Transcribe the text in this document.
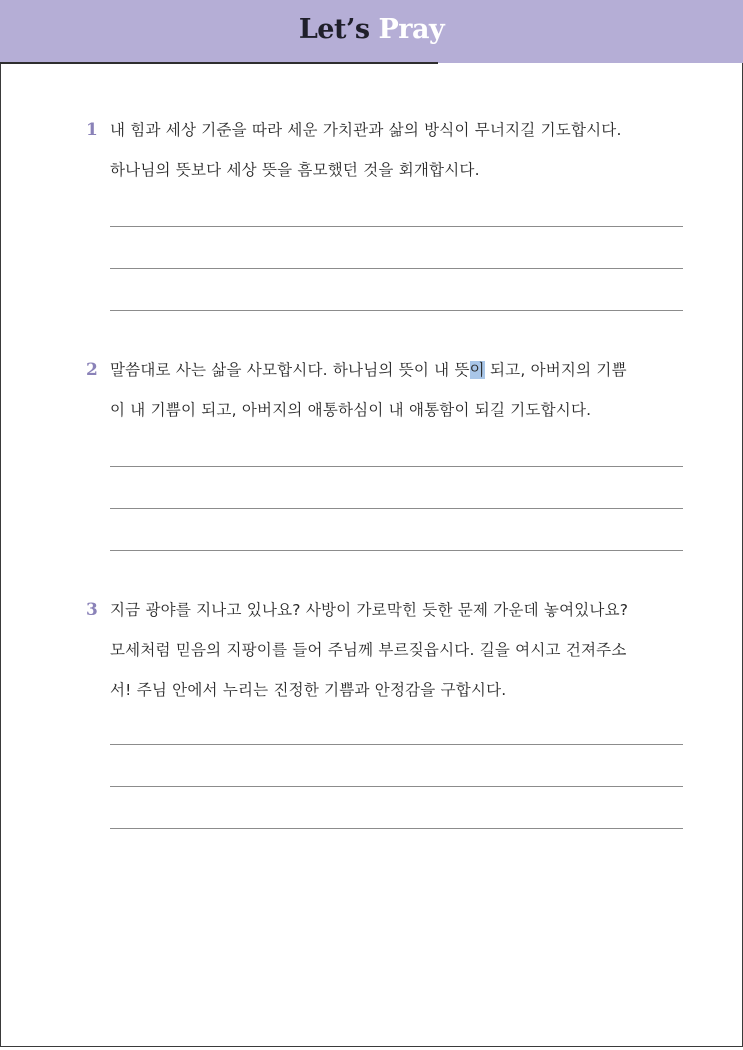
Let’s Pray
1 내 힘과 세상 기준을 따라 세운 가치관과 삶의 방식이 무너지길 기도합시다.
하나님의 뜻보다 세상 뜻을 흠모했던 것을 회개합시다.
2 말씀대로 사는 삶을 사모합시다. 하나님의 뜻이 내 뜻이 되고, 아버지의 기쁨
이 내 기쁨이 되고, 아버지의 애통하심이 내 애통함이 되길 기도합시다.
3 지금 광야를 지나고 있나요? 사방이 가로막힌 듯한 문제 가운데 놓여있나요?
모세처럼 믿음의 지팡이를 들어 주님께 부르짖읍시다. 길을 여시고 건져주소
서! 주님 안에서 누리는 진정한 기쁨과 안정감을 구합시다.
